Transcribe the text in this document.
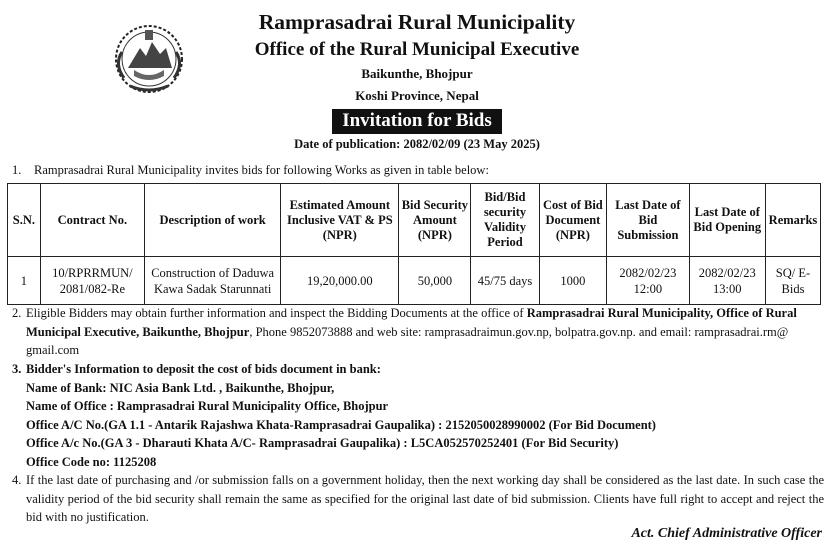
Ramprasadrai Rural Municipality
Office of the Rural Municipal Executive
Baikunthe, Bhojpur
Koshi Province, Nepal
Invitation for Bids
Date of publication: 2082/02/09 (23 May 2025)
1. Ramprasadrai Rural Municipality invites bids for following Works as given in table below:
S.N.	Contract No.	Description of work	Estimated Amount Inclusive VAT & PS (NPR)	Bid Security Amount (NPR)	Bid/Bid security Validity Period	Cost of Bid Document (NPR)	Last Date of Bid Submission	Last Date of Bid Opening	Remarks
1	10/RPRRMUN/ 2081/082-Re	Construction of Daduwa Kawa Sadak Starunnati	19,20,000.00	50,000	45/75 days	1000	2082/02/23 12:00	2082/02/23 13:00	SQ/ E-Bids
2. Eligible Bidders may obtain further information and inspect the Bidding Documents at the office of Ramprasadrai Rural Municipality, Office of Rural Municipal Executive, Baikunthe, Bhojpur, Phone 9852073888 and web site: ramprasadraimun.gov.np, bolpatra.gov.np. and email: ramprasadrai.rm@ gmail.com
3. Bidder's Information to deposit the cost of bids document in bank:
Name of Bank: NIC Asia Bank Ltd. , Baikunthe, Bhojpur,
Name of Office : Ramprasadrai Rural Municipality Office, Bhojpur
Office A/C No.(GA 1.1 - Antarik Rajashwa Khata-Ramprasadrai Gaupalika) : 2152050028990002 (For Bid Document)
Office A/c No.(GA 3 - Dharauti Khata A/C- Ramprasadrai Gaupalika) : L5CA052570252401 (For Bid Security)
Office Code no: 1125208
4. If the last date of purchasing and /or submission falls on a government holiday, then the next working day shall be considered as the last date. In such case the validity period of the bid security shall remain the same as specified for the original last date of bid submission. Clients have full right to accept and reject the bid with no justification.
Act. Chief Administrative Officer
